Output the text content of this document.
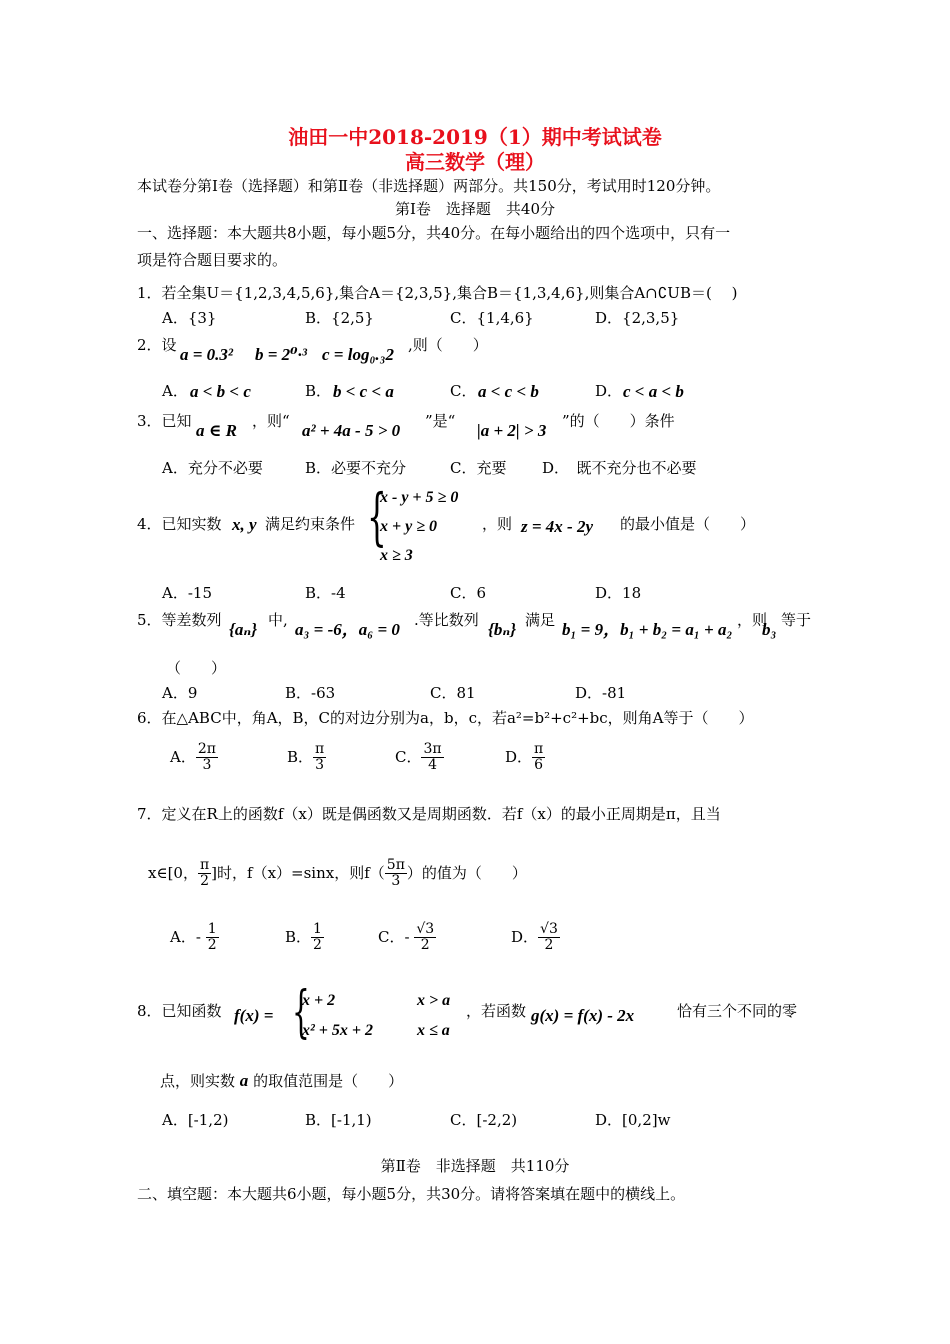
油田一中2018-2019（1）期中考试试卷
高三数学（理）
本试卷分第Ⅰ卷（选择题）和第Ⅱ卷（非选择题）两部分。共150分，考试用时120分钟。
第Ⅰ卷　选择题　共40分
一、选择题：本大题共8小题，每小题5分，共40分。在每小题给出的四个选项中，只有一
项是符合题目要求的。
1．若全集U＝{1,2,3,4,5,6},集合A＝{2,3,5},集合B＝{1,3,4,6},则集合A∩∁UB＝(　 )
A．{3}	B．{2,5}	C．{1,4,6}	D．{2,3,5}
2．设 a = 0.3² b = 2⁰·³ c = log₀.₃2 ,则（　　）
A． a < b < c	B． b < c < a	C． a < c < b	D． c < a < b
3．已知 a ∈ R ，则“ a² + 4a - 5 > 0 ”是“ |a + 2| > 3 ”的（　　）条件
A．充分不必要	B．必要不充分	C．充要 D．　既不充分也不必要
4．已知实数 x, y 满足约束条件 {
x - y + 5 ≥ 0
x + y ≥ 0
x ≥ 3
，则 z = 4x - 2y 的最小值是（　　）
A．-15	B．-4	C．6	D．18
5．等差数列 {aₙ} 中, a₃ = -6，a₆ = 0 .等比数列 {bₙ} 满足 b₁ = 9，b₁ + b₂ = a₁ + a₂ ，则
b₃ 等于
（　　）
A．9	B．-63	C．81	D．-81
6．在△ABC中，角A，B，C的对边分别为a，b，c，若a²=b²+c²+bc，则角A等于（　　）
A． $\frac{2\pi}{3}$	B． $\frac{\pi}{3}$	C． $\frac{3\pi}{4}$	D． $\frac{\pi}{6}$
7．定义在R上的函数f（x）既是偶函数又是周期函数．若f（x）的最小正周期是π，且当
x∈[0， $\frac{\pi}{2}$ ]时，f（x）=sinx，则$f( \frac{5\pi}{3}$ ）的值为（　　）
A．- $\frac{1}{2}$	B． $\frac{1}{2}$	C．- $\frac{√3}{2}$	D． $\frac{√3}{2}$
8．已知函数 f(x) = {
x + 2	x > a
x² + 5x + 2	x ≤ a
，若函数 g(x) = f(x) - 2x	恰有三个不同的零
点，则实数 a 的取值范围是（　　）
A．[-1,2)	B．[-1,1)	C．[-2,2)	D．[0,2]w
第Ⅱ卷　非选择题　共110分
二、填空题：本大题共6小题，每小题5分，共30分。请将答案填在题中的横线上。
